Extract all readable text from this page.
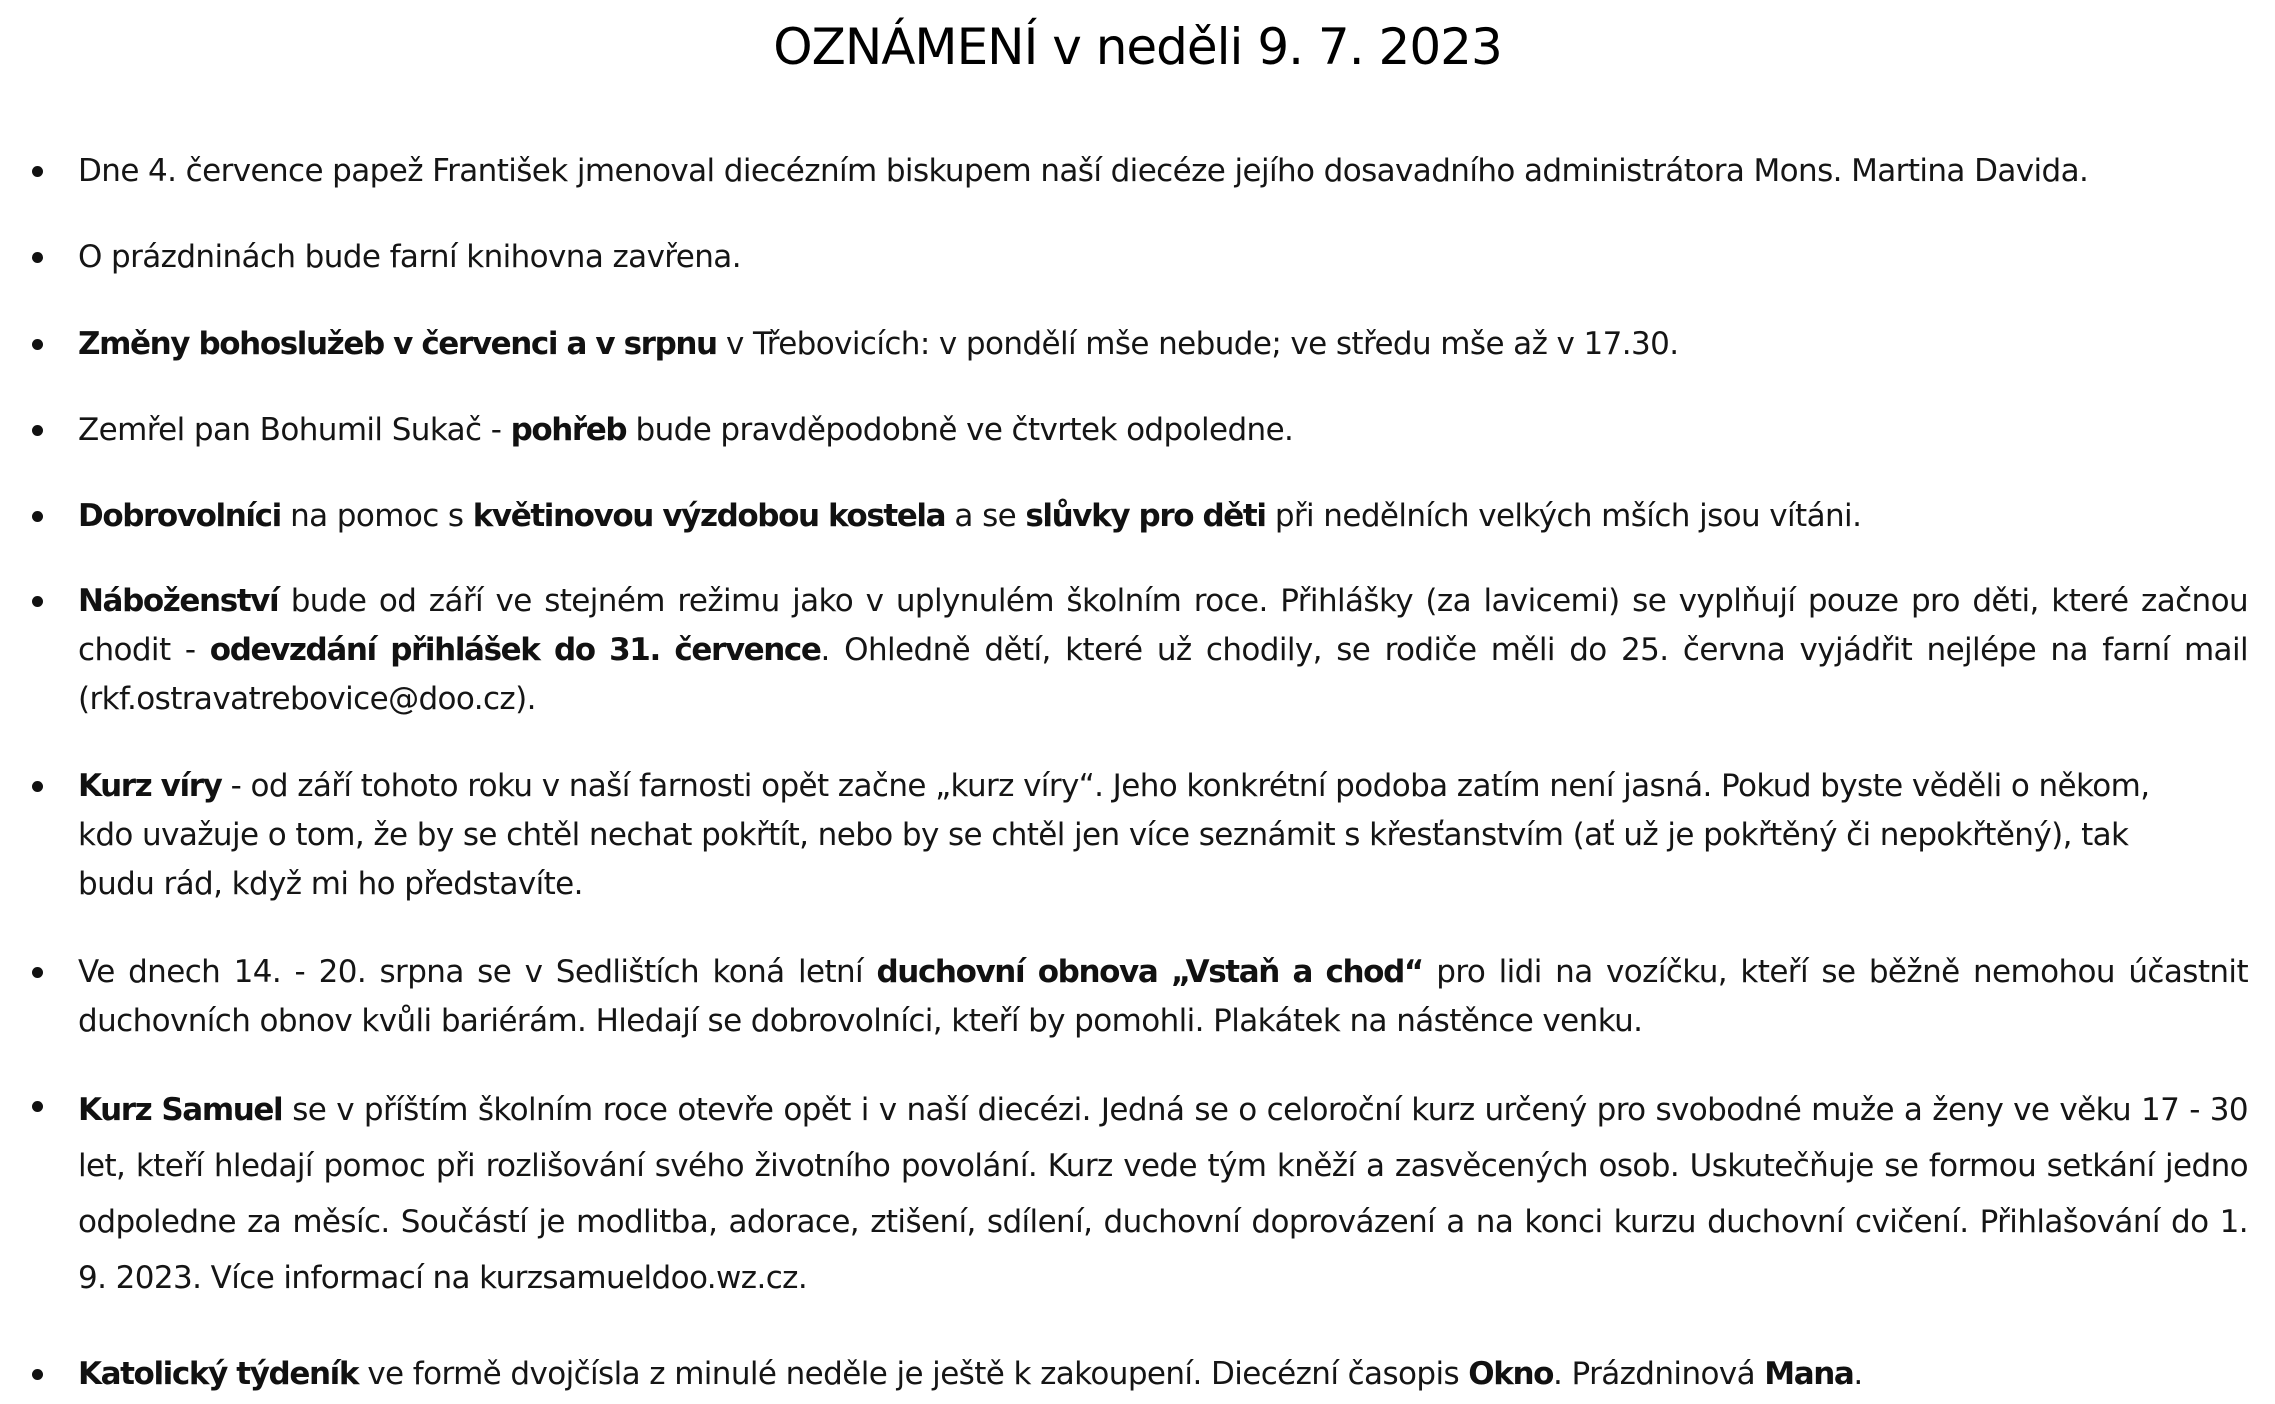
OZNÁMENÍ v neděli 9. 7. 2023
Dne 4. července papež František jmenoval diecézním biskupem naší diecéze jejího dosavadního administrátora Mons. Martina Davida.
O prázdninách bude farní knihovna zavřena.
Změny bohoslužeb v červenci a v srpnu v Třebovicích: v pondělí mše nebude; ve středu mše až v 17.30.
Zemřel pan Bohumil Sukač - pohřeb bude pravděpodobně ve čtvrtek odpoledne.
Dobrovolníci na pomoc s květinovou výzdobou kostela a se slůvky pro děti při nedělních velkých mších jsou vítáni.
Náboženství bude od září ve stejném režimu jako v uplynulém školním roce. Přihlášky (za lavicemi) se vyplňují pouze pro děti, které začnou chodit - odevzdání přihlášek do 31. července. Ohledně dětí, které už chodily, se rodiče měli do 25. června vyjádřit nejlépe na farní mail (rkf.ostravatrebovice@doo.cz).
Kurz víry - od září tohoto roku v naší farnosti opět začne „kurz víry“. Jeho konkrétní podoba zatím není jasná. Pokud byste věděli o někom, kdo uvažuje o tom, že by se chtěl nechat pokřtít, nebo by se chtěl jen více seznámit s křesťanstvím (ať už je pokřtěný či nepokřtěný), tak budu rád, když mi ho představíte.
Ve dnech 14. - 20. srpna se v Sedlištích koná letní duchovní obnova „Vstaň a chod“ pro lidi na vozíčku, kteří se běžně nemohou účastnit duchovních obnov kvůli bariérám. Hledají se dobrovolníci, kteří by pomohli. Plakátek na nástěnce venku.
Kurz Samuel se v příštím školním roce otevře opět i v naší diecézi. Jedná se o celoroční kurz určený pro svobodné muže a ženy ve věku 17 - 30 let, kteří hledají pomoc při rozlišování svého životního povolání. Kurz vede tým kněží a zasvěcených osob. Uskutečňuje se formou setkání jedno odpoledne za měsíc. Součástí je modlitba, adorace, ztišení, sdílení, duchovní doprovázení a na konci kurzu duchovní cvičení. Přihlašování do 1. 9. 2023. Více informací na kurzsamueldoo.wz.cz.
Katolický týdeník ve formě dvojčísla z minulé neděle je ještě k zakoupení. Diecézní časopis Okno. Prázdninová Mana.
